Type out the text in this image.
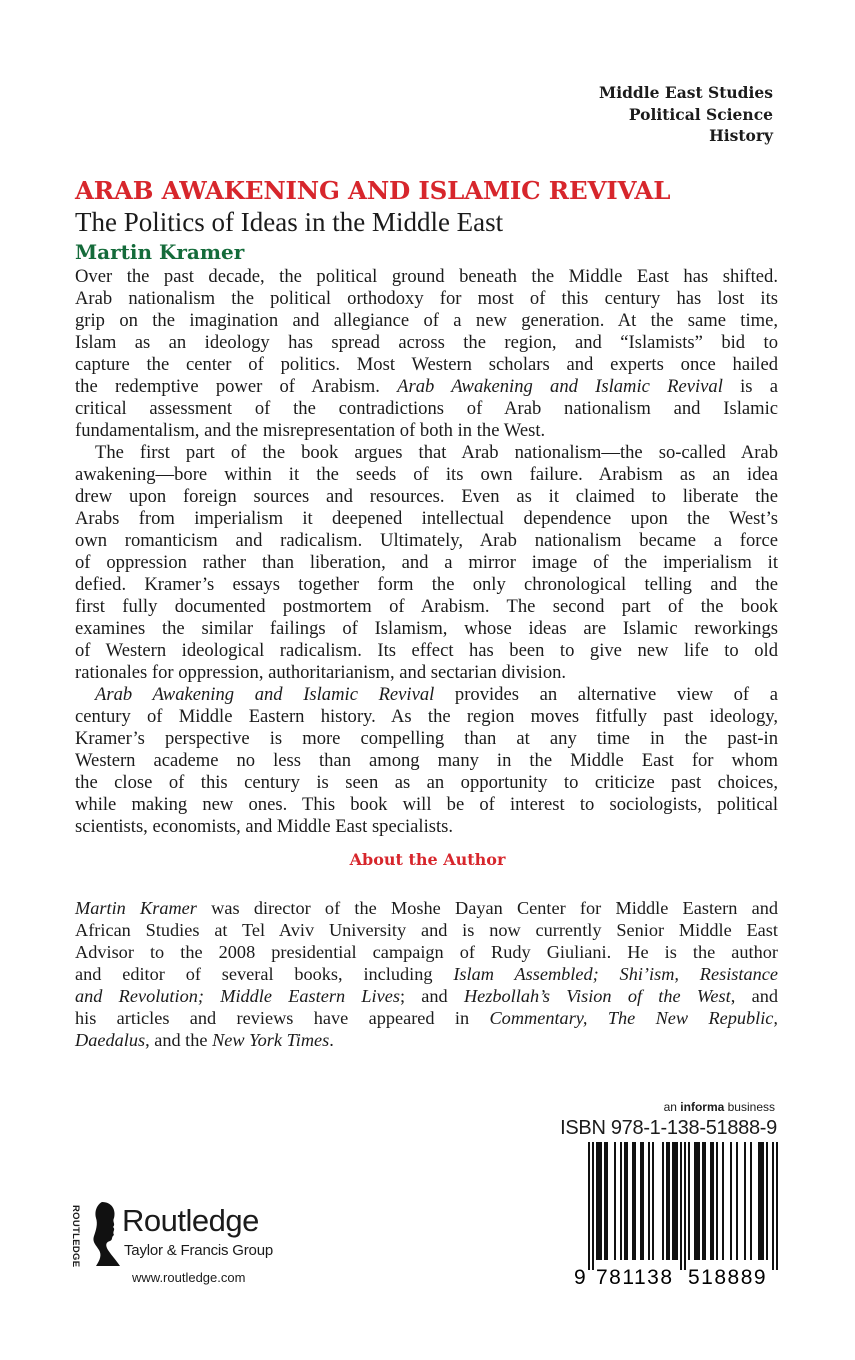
Middle East Studies
Political Science
History
ARAB AWAKENING AND ISLAMIC REVIVAL
The Politics of Ideas in the Middle East
Martin Kramer
Over the past decade, the political ground beneath the Middle East has shifted.
Arab nationalism the political orthodoxy for most of this century has lost its
grip on the imagination and allegiance of a new generation. At the same time,
Islam as an ideology has spread across the region, and “Islamists” bid to
capture the center of politics. Most Western scholars and experts once hailed
the redemptive power of Arabism. Arab Awakening and Islamic Revival is a
critical assessment of the contradictions of Arab nationalism and Islamic
fundamentalism, and the misrepresentation of both in the West.
The first part of the book argues that Arab nationalism—the so-called Arab
awakening—bore within it the seeds of its own failure. Arabism as an idea
drew upon foreign sources and resources. Even as it claimed to liberate the
Arabs from imperialism it deepened intellectual dependence upon the West’s
own romanticism and radicalism. Ultimately, Arab nationalism became a force
of oppression rather than liberation, and a mirror image of the imperialism it
defied. Kramer’s essays together form the only chronological telling and the
first fully documented postmortem of Arabism. The second part of the book
examines the similar failings of Islamism, whose ideas are Islamic reworkings
of Western ideological radicalism. Its effect has been to give new life to old
rationales for oppression, authoritarianism, and sectarian division.
Arab Awakening and Islamic Revival provides an alternative view of a
century of Middle Eastern history. As the region moves fitfully past ideology,
Kramer’s perspective is more compelling than at any time in the past-in
Western academe no less than among many in the Middle East for whom
the close of this century is seen as an opportunity to criticize past choices,
while making new ones. This book will be of interest to sociologists, political
scientists, economists, and Middle East specialists.
About the Author
Martin Kramer was director of the Moshe Dayan Center for Middle Eastern and
African Studies at Tel Aviv University and is now currently Senior Middle East
Advisor to the 2008 presidential campaign of Rudy Giuliani. He is the author
and editor of several books, including Islam Assembled; Shi’ism, Resistance
and Revolution; Middle Eastern Lives; and Hezbollah’s Vision of the West, and
his articles and reviews have appeared in Commentary, The New Republic,
Daedalus, and the New York Times.
an informa business
ISBN 978-1-138-51888-9
9 781138 518889
ROUTLEDGE Routledge
Taylor & Francis Group
www.routledge.com
